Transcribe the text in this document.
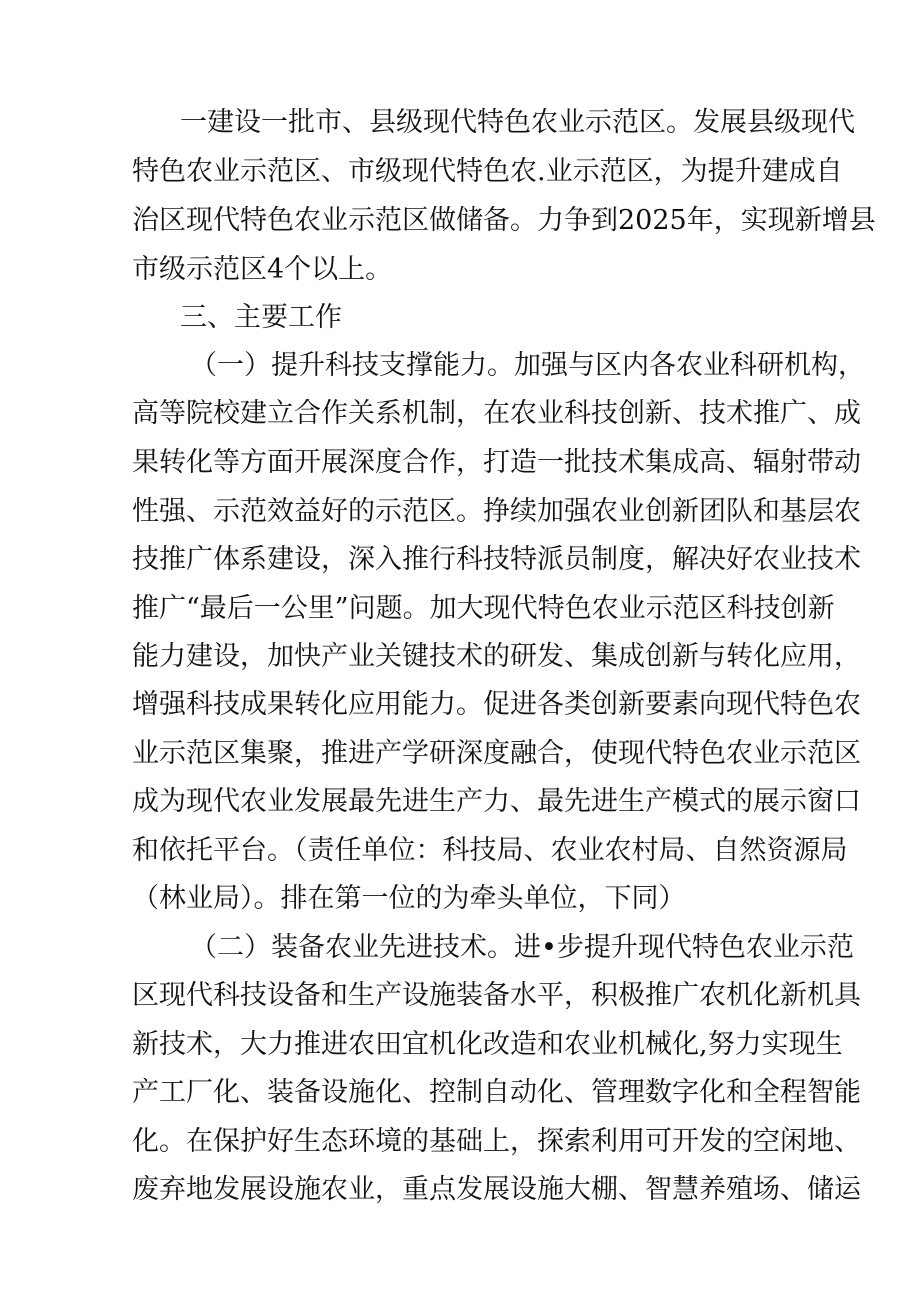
一建设一批市、县级现代特色农业示范区。发展县级现代
特色农业示范区、市级现代特色农.业示范区，为提升建成自
治区现代特色农业示范区做储备。力争到2025年，实现新增县
市级示范区4个以上。
三、主要工作
（一）提升科技支撑能力。加强与区内各农业科研机构，
高等院校建立合作关系机制，在农业科技创新、技术推广、成
果转化等方面开展深度合作，打造一批技术集成高、辐射带动
性强、示范效益好的示范区。挣续加强农业创新团队和基层农
技推广体系建设，深入推行科技特派员制度，解决好农业技术
推广“最后一公里”问题。加大现代特色农业示范区科技创新
能力建设，加快产业关键技术的研发、集成创新与转化应用，
增强科技成果转化应用能力。促进各类创新要素向现代特色农
业示范区集聚，推进产学研深度融合，使现代特色农业示范区
成为现代农业发展最先进生产力、最先进生产模式的展示窗口
和依托平台。（责任单位：科技局、农业农村局、自然资源局
（林业局）。排在第一位的为牵头单位，下同）
（二）装备农业先进技术。进•步提升现代特色农业示范
区现代科技设备和生产设施装备水平，积极推广农机化新机具
新技术，大力推进农田宜机化改造和农业机械化,努力实现生
产工厂化、装备设施化、控制自动化、管理数字化和全程智能
化。在保护好生态环境的基础上，探索利用可开发的空闲地、
废弃地发展设施农业，重点发展设施大棚、智慧养殖场、储运
